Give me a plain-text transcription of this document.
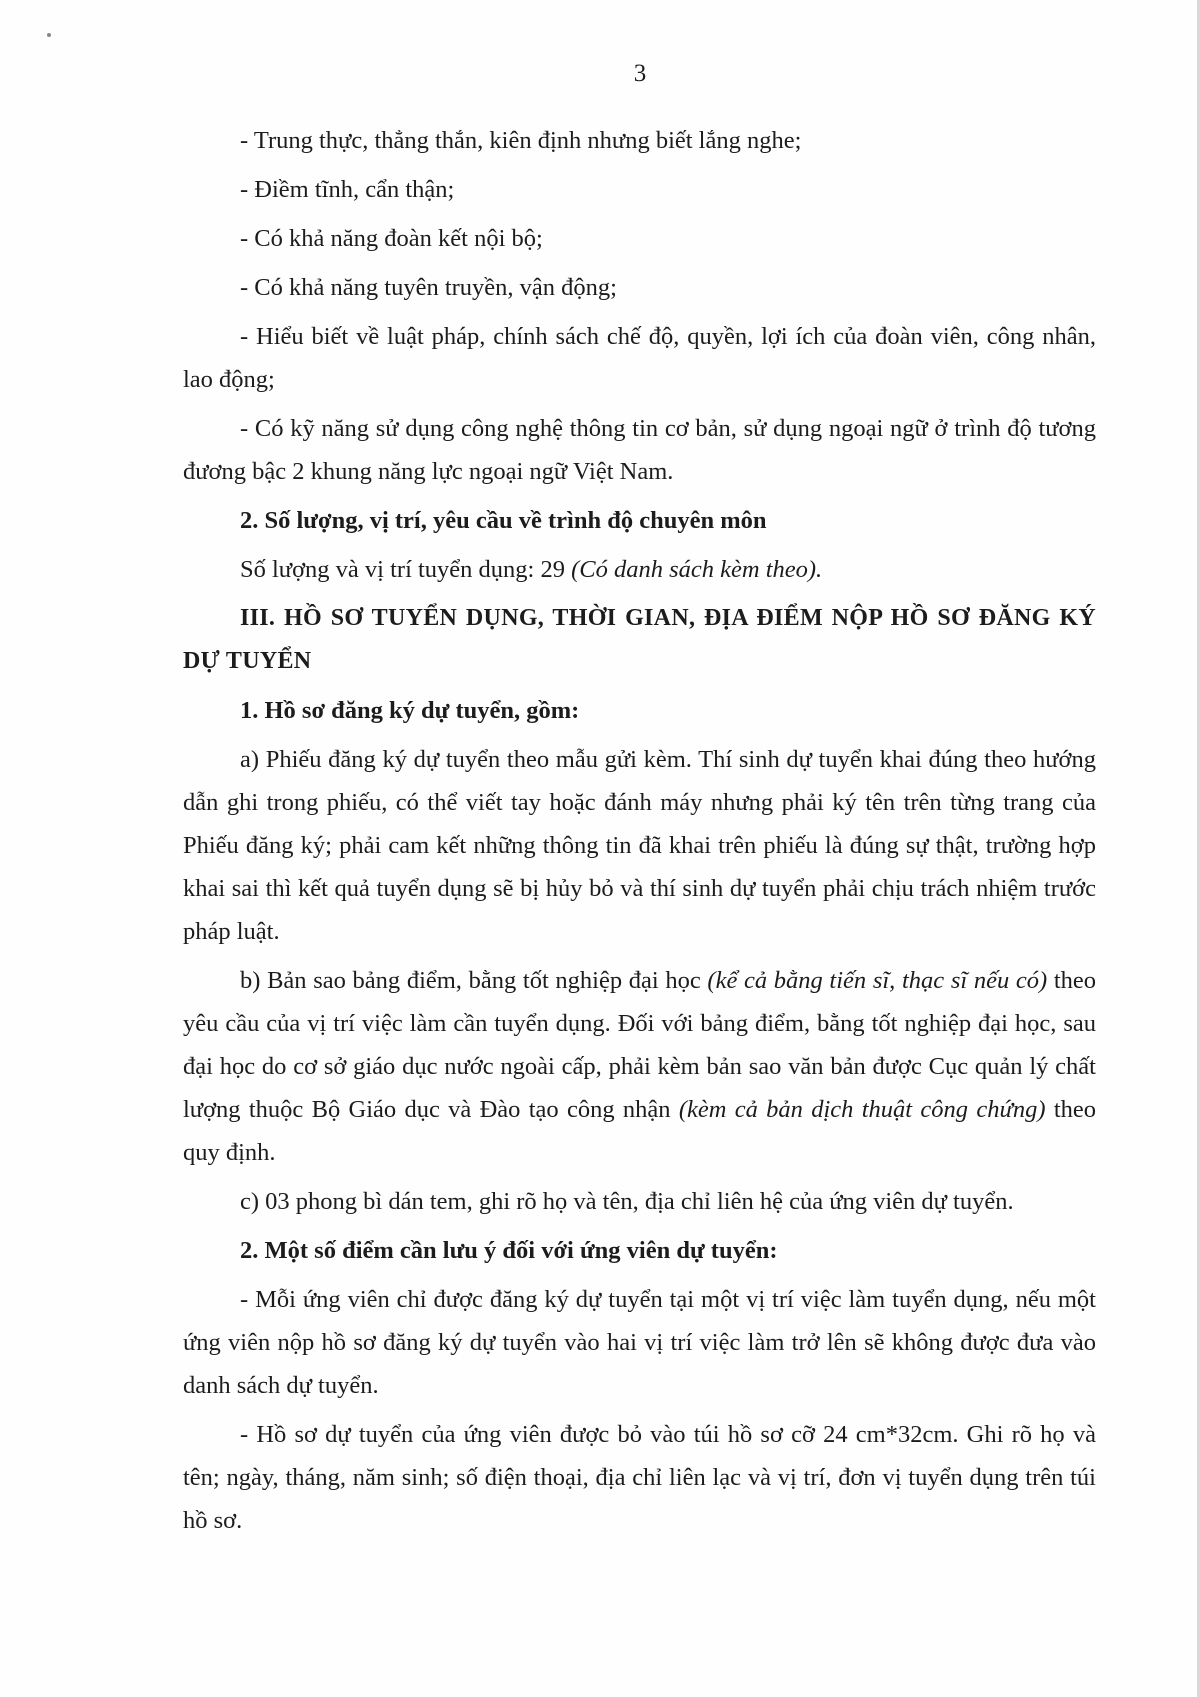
3

- Trung thực, thẳng thắn, kiên định nhưng biết lắng nghe;

- Điềm tĩnh, cẩn thận;

- Có khả năng đoàn kết nội bộ;

- Có khả năng tuyên truyền, vận động;

- Hiểu biết về luật pháp, chính sách chế độ, quyền, lợi ích của đoàn viên, công nhân, lao động;

- Có kỹ năng sử dụng công nghệ thông tin cơ bản, sử dụng ngoại ngữ ở trình độ tương đương bậc 2 khung năng lực ngoại ngữ Việt Nam.

2. Số lượng, vị trí, yêu cầu về trình độ chuyên môn

Số lượng và vị trí tuyển dụng: 29 (Có danh sách kèm theo).

III. HỒ SƠ TUYỂN DỤNG, THỜI GIAN, ĐỊA ĐIỂM NỘP HỒ SƠ ĐĂNG KÝ DỰ TUYỂN

1. Hồ sơ đăng ký dự tuyển, gồm:

a) Phiếu đăng ký dự tuyển theo mẫu gửi kèm. Thí sinh dự tuyển khai đúng theo hướng dẫn ghi trong phiếu, có thể viết tay hoặc đánh máy nhưng phải ký tên trên từng trang của Phiếu đăng ký; phải cam kết những thông tin đã khai trên phiếu là đúng sự thật, trường hợp khai sai thì kết quả tuyển dụng sẽ bị hủy bỏ và thí sinh dự tuyển phải chịu trách nhiệm trước pháp luật.

b) Bản sao bảng điểm, bằng tốt nghiệp đại học (kể cả bằng tiến sĩ, thạc sĩ nếu có) theo yêu cầu của vị trí việc làm cần tuyển dụng. Đối với bảng điểm, bằng tốt nghiệp đại học, sau đại học do cơ sở giáo dục nước ngoài cấp, phải kèm bản sao văn bản được Cục quản lý chất lượng thuộc Bộ Giáo dục và Đào tạo công nhận (kèm cả bản dịch thuật công chứng) theo quy định.

c) 03 phong bì dán tem, ghi rõ họ và tên, địa chỉ liên hệ của ứng viên dự tuyển.

2. Một số điểm cần lưu ý đối với ứng viên dự tuyển:

- Mỗi ứng viên chỉ được đăng ký dự tuyển tại một vị trí việc làm tuyển dụng, nếu một ứng viên nộp hồ sơ đăng ký dự tuyển vào hai vị trí việc làm trở lên sẽ không được đưa vào danh sách dự tuyển.

- Hồ sơ dự tuyển của ứng viên được bỏ vào túi hồ sơ cỡ 24 cm*32cm. Ghi rõ họ và tên; ngày, tháng, năm sinh; số điện thoại, địa chỉ liên lạc và vị trí, đơn vị tuyển dụng trên túi hồ sơ.
